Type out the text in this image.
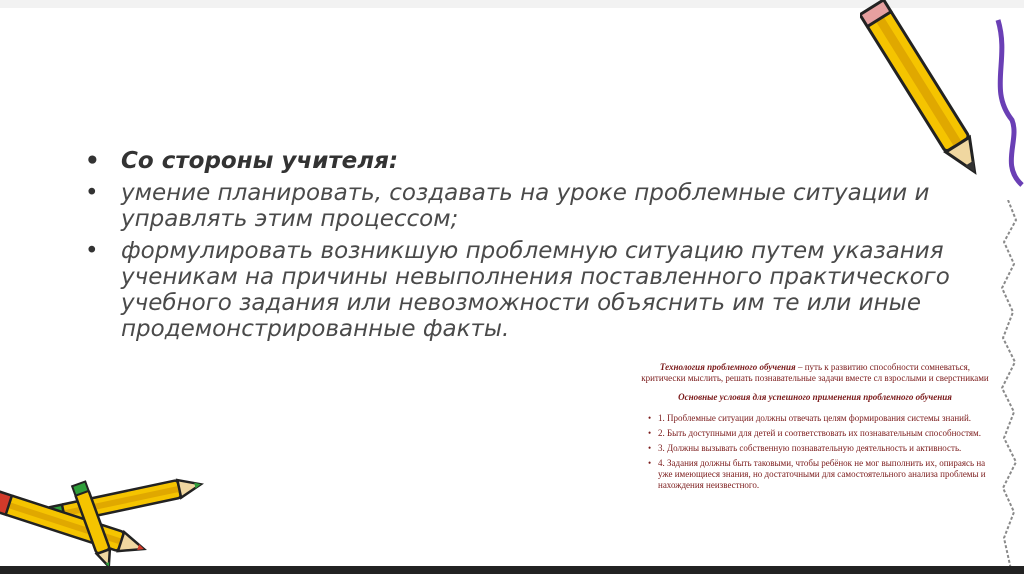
• Со стороны учителя:
• умение планировать, создавать на уроке проблемные ситуации и управлять этим процессом;
• формулировать возникшую проблемную ситуацию путем указания ученикам на причины невыполнения поставленного практического учебного задания или невозможности объяснить им те или иные продемонстрированные факты.

Технология проблемного обучения – путь к развитию способности сомневаться, критически мыслить, решать познавательные задачи вместе сл взрослыми и сверстниками

Основные условия для успешного применения проблемного обучения

• 1. Проблемные ситуации должны отвечать целям формирования системы знаний.
• 2. Быть доступными для детей и соответствовать их познавательным способностям.
• 3. Должны вызывать собственную познавательную деятельность и активность.
• 4. Задания должны быть таковыми, чтобы ребёнок не мог выполнить их, опираясь на уже имеющиеся знания, но достаточными для самостоятельного анализа проблемы и нахождения неизвестного.
